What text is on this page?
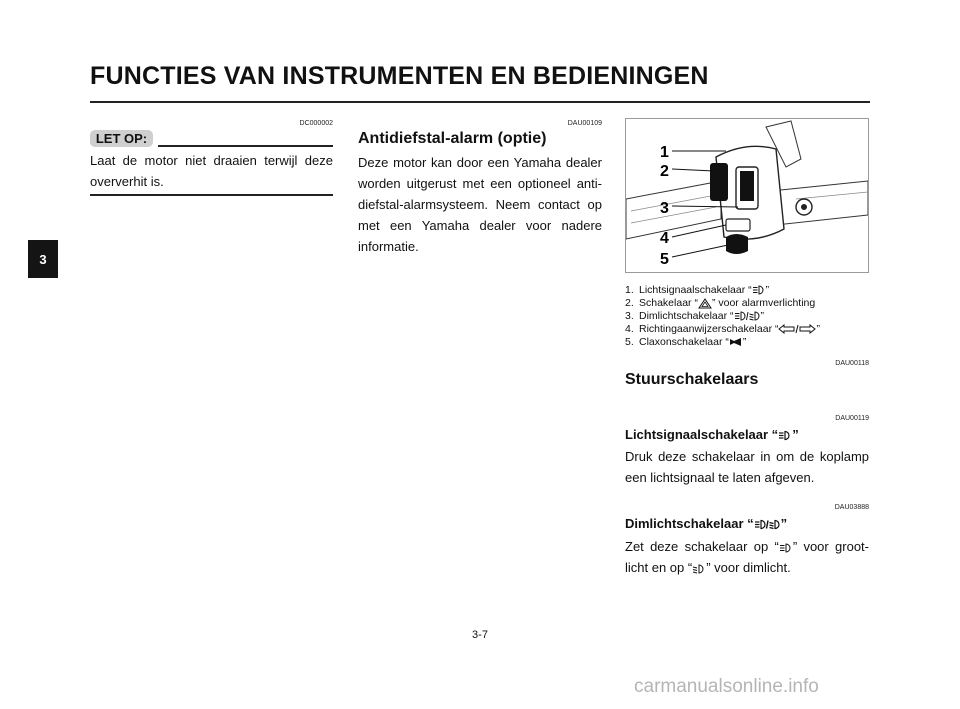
FUNCTIES VAN INSTRUMENTEN EN BEDIENINGEN
3
DC000002
LET OP:
Laat de motor niet draaien terwijl deze oververhit is.
DAU00109
Antidiefstal-alarm (optie)
Deze motor kan door een Yamaha dealer worden uitgerust met een optioneel anti-diefstal-alarmsysteem. Neem contact op met een Yamaha dealer voor nadere informatie.
1
2
3
4
5
1. Lichtsignaalschakelaar “ ”
2. Schakelaar “ ” voor alarmverlichting
3. Dimlichtschakelaar “	”
4. Richtingaanwijzerschakelaar “	”
5. Claxonschakelaar “ ”
DAU00118
Stuurschakelaars
DAU00119
Lichtsignaalschakelaar “ ”
Druk deze schakelaar in om de koplamp een lichtsignaal te laten afgeven.
DAU03888
Dimlichtschakelaar “ ”
Zet deze schakelaar op “ ” voor groot-licht en op “ ” voor dimlicht.
3-7
carmanualsonline.info
